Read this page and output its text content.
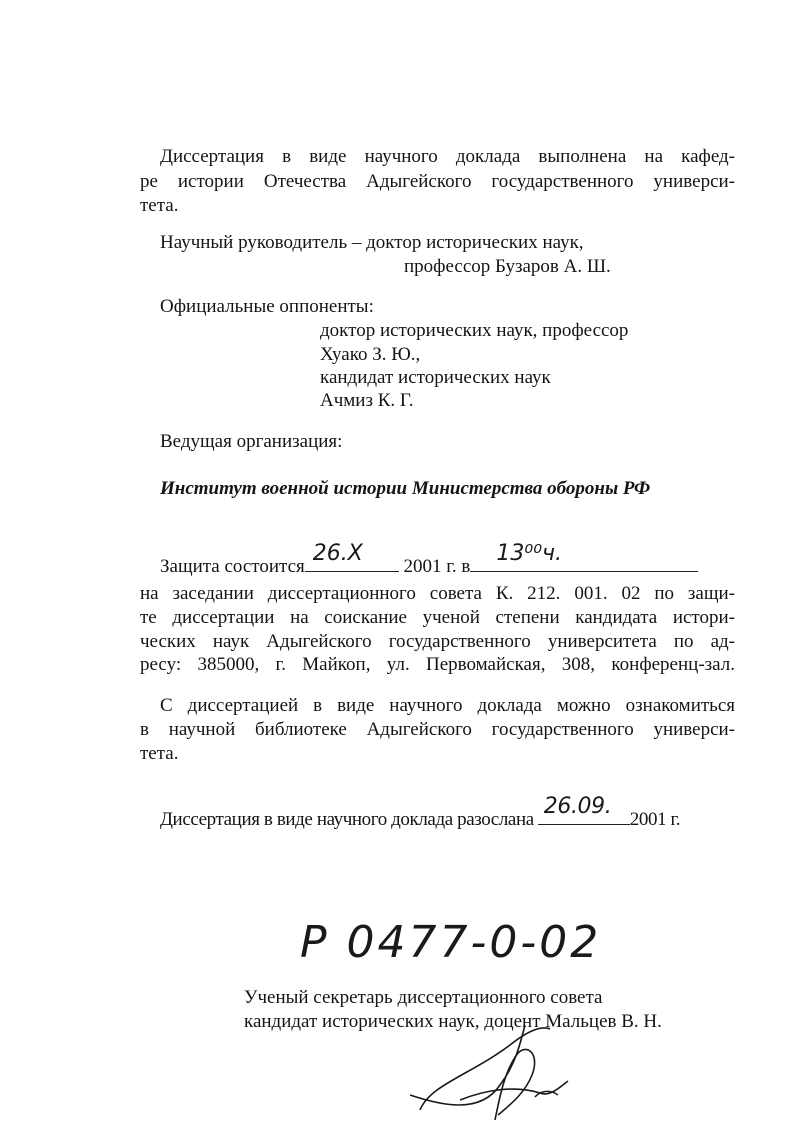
Диссертация в виде научного доклада выполнена на кафед-
ре истории Отечества Адыгейского государственного универси-
тета.
Научный руководитель – доктор исторических наук,
профессор Бузаров А. Ш.
Официальные оппоненты:
доктор исторических наук, профессор
Хуако З. Ю.,
кандидат исторических наук
Ачмиз К. Г.
Ведущая организация:
Институт военной истории Министерства обороны РФ
Защита состоится
26.Х
2001 г. в
13⁰⁰ч.
на заседании диссертационного совета К. 212. 001. 02 по защи-
те диссертации на соискание ученой степени кандидата истори-
ческих наук Адыгейского государственного университета по ад-
ресу: 385000, г. Майкоп, ул. Первомайская, 308, конференц-зал.
С диссертацией в виде научного доклада можно ознакомиться
в научной библиотеке Адыгейского государственного универси-
тета.
Диссертация в виде научного доклада разослана
26.09.
2001 г.
Р 0477-0-02
Ученый секретарь диссертационного совета
кандидат исторических наук, доцент Мальцев В. Н.
